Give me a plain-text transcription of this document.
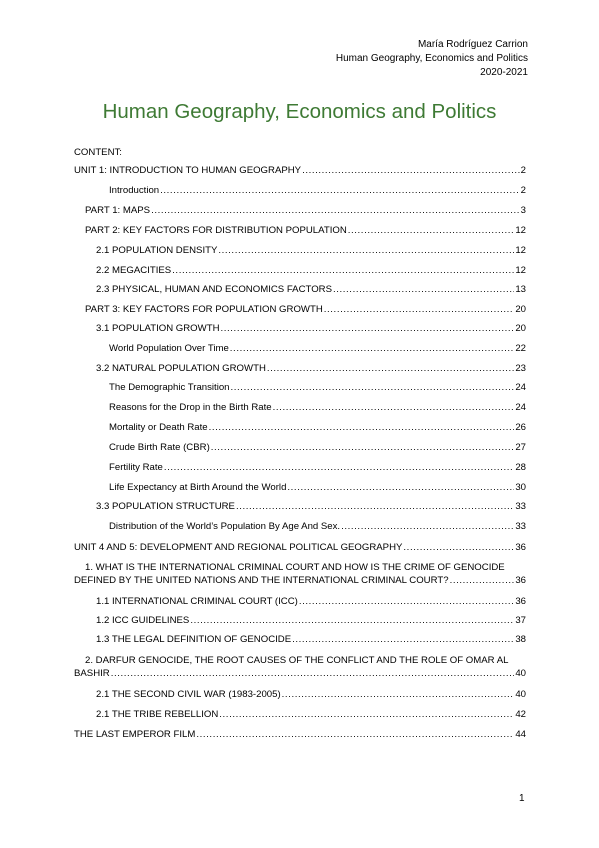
María Rodríguez Carrion
Human Geography, Economics and Politics
2020-2021
Human Geography, Economics and Politics
CONTENT:
UNIT 1: INTRODUCTION TO HUMAN GEOGRAPHY .....	2
Introduction .....	2
PART 1: MAPS .....	3
PART 2: KEY FACTORS FOR DISTRIBUTION POPULATION .....	12
2.1 POPULATION DENSITY .....	12
2.2 MEGACITIES .....	12
2.3 PHYSICAL, HUMAN AND ECONOMICS FACTORS .....	13
PART 3: KEY FACTORS FOR POPULATION GROWTH .....	20
3.1 POPULATION GROWTH .....	20
World Population Over Time .....	22
3.2 NATURAL POPULATION GROWTH .....	23
The Demographic Transition .....	24
Reasons for the Drop in the Birth Rate .....	24
Mortality or Death Rate .....	26
Crude Birth Rate (CBR) .....	27
Fertility Rate .....	28
Life Expectancy at Birth Around the World .....	30
3.3 POPULATION STRUCTURE .....	33
Distribution of the World’s Population By Age And Sex. .....	33
UNIT 4 AND 5: DEVELOPMENT AND REGIONAL POLITICAL GEOGRAPHY .....	36
1. WHAT IS THE INTERNATIONAL CRIMINAL COURT AND HOW IS THE CRIME OF GENOCIDE
DEFINED BY THE UNITED NATIONS AND THE INTERNATIONAL CRIMINAL COURT? .....	36
1.1 INTERNATIONAL CRIMINAL COURT (ICC) .....	36
1.2 ICC GUIDELINES .....	37
1.3 THE LEGAL DEFINITION OF GENOCIDE .....	38
2. DARFUR GENOCIDE, THE ROOT CAUSES OF THE CONFLICT AND THE ROLE OF OMAR AL
BASHIR .....	40
2.1 THE SECOND CIVIL WAR (1983-2005) .....	40
2.1 THE TRIBE REBELLION .....	42
THE LAST EMPEROR FILM .....	44
1
